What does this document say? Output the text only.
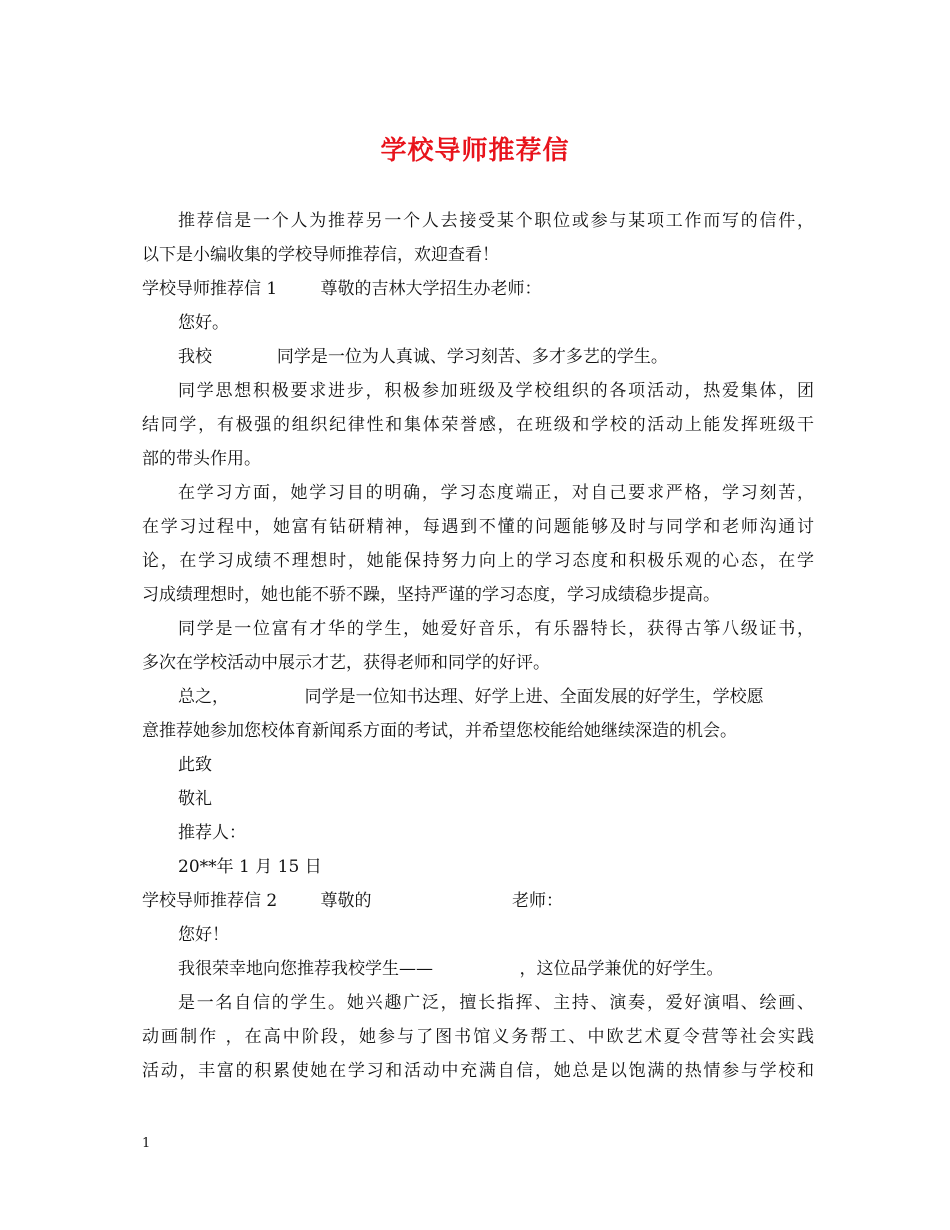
学校导师推荐信
推荐信是一个人为推荐另一个人去接受某个职位或参与某项工作而写的信件，
以下是小编收集的学校导师推荐信，欢迎查看！
学校导师推荐信 1        尊敬的吉林大学招生办老师：
您好。
我校            同学是一位为人真诚、学习刻苦、多才多艺的学生。
同学思想积极要求进步，积极参加班级及学校组织的各项活动，热爱集体，团
结同学，有极强的组织纪律性和集体荣誉感，在班级和学校的活动上能发挥班级干
部的带头作用。
在学习方面，她学习目的明确，学习态度端正，对自己要求严格，学习刻苦，
在学习过程中，她富有钻研精神，每遇到不懂的问题能够及时与同学和老师沟通讨
论，在学习成绩不理想时，她能保持努力向上的学习态度和积极乐观的心态，在学
习成绩理想时，她也能不骄不躁，坚持严谨的学习态度，学习成绩稳步提高。
同学是一位富有才华的学生，她爱好音乐，有乐器特长，获得古筝八级证书，
多次在学校活动中展示才艺，获得老师和同学的好评。
总之，              同学是一位知书达理、好学上进、全面发展的好学生，学校愿
意推荐她参加您校体育新闻系方面的考试，并希望您校能给她继续深造的机会。
此致
敬礼
推荐人：
20**年 1 月 15 日
学校导师推荐信 2        尊敬的                          老师：
您好！
我很荣幸地向您推荐我校学生——                ，这位品学兼优的好学生。
是一名自信的学生。她兴趣广泛，擅长指挥、主持、演奏，爱好演唱、绘画、
动画制作 ，在高中阶段，她参与了图书馆义务帮工、中欧艺术夏令营等社会实践
活动，丰富的积累使她在学习和活动中充满自信，她总是以饱满的热情参与学校和
1
